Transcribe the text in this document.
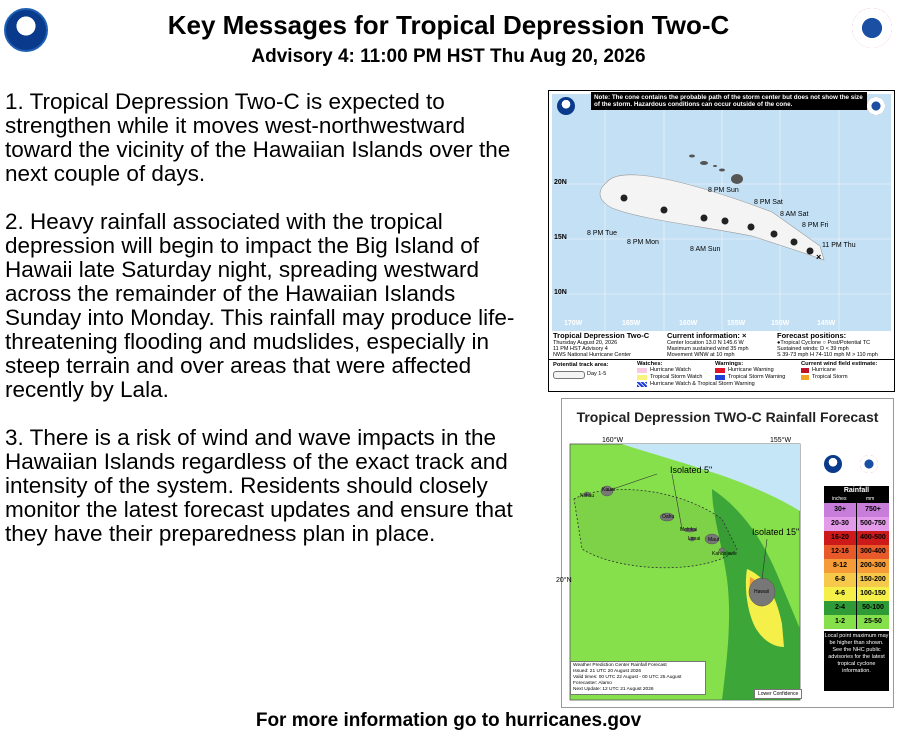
Key Messages for Tropical Depression Two-C
Advisory 4: 11:00 PM HST Thu Aug 20, 2026

1. Tropical Depression Two-C is expected to strengthen while it moves west-northwestward toward the vicinity of the Hawaiian Islands over the next couple of days.

2. Heavy rainfall associated with the tropical depression will begin to impact the Big Island of Hawaii late Saturday night, spreading westward across the remainder of the Hawaiian Islands Sunday into Monday. This rainfall may produce life-threatening flooding and mudslides, especially in steep terrain and over areas that were affected recently by Lala.

3. There is a risk of wind and wave impacts in the Hawaiian Islands regardless of the exact track and intensity of the system. Residents should closely monitor the latest forecast updates and ensure that they have their preparedness plan in place.

×
8 PM Sun
8 PM Sat
8 AM Sat
8 PM Fri
11 PM Thu
8 PM Tue
8 PM Mon
8 AM Sun
20N
15N
10N
170W	165W	160W	155W	150W	145W
Note: The cone contains the probable path of the storm center but does not show the size of the storm. Hazardous conditions can occur outside of the cone.
Tropical Depression Two-C
Thursday August 20, 2026
11 PM HST Advisory 4
NWS National Hurricane Center
Current information: ×
Center location 13.0 N 145.6 W
Maximum sustained wind 35 mph
Movement WNW at 10 mph
Forecast positions:
●Tropical Cyclone ○ Post/Potential TC
Sustained winds: D < 39 mph
S 39-73 mph H 74-110 mph M > 110 mph
Potential track area:
Day 1-5
Watches:
Hurricane Watch
Tropical Storm Watch
Hurricane Watch & Tropical Storm Warning
Warnings:
Hurricane Warning
Tropical Storm Warning
Current wind field estimate:
Hurricane
Tropical Storm
Tropical Depression TWO-C Rainfall Forecast
160°W	155°W
20°N
Isolated 5"
Isolated 15"
Niihau
Kauai
Oahu
Molokai
Lanai Maui
Kahoolawe
Hawaii
Weather Prediction Center Rainfall Forecast
Issued: 21 UTC 20 August 2026
Valid times: 00 UTC 22 August - 00 UTC 25 August
Forecaster: Alamo
Next Update: 12 UTC 21 August 2026
Lower Confidence
Rainfall
inches	mm
30+	750+
20-30	500-750
16-20	400-500
12-16	300-400
8-12	200-300
6-8	150-200
4-6	100-150
2-4	50-100
1-2	25-50
Local point maximum may be higher than shown. See the NHC public advisories for the latest tropical cyclone information.
For more information go to hurricanes.gov
